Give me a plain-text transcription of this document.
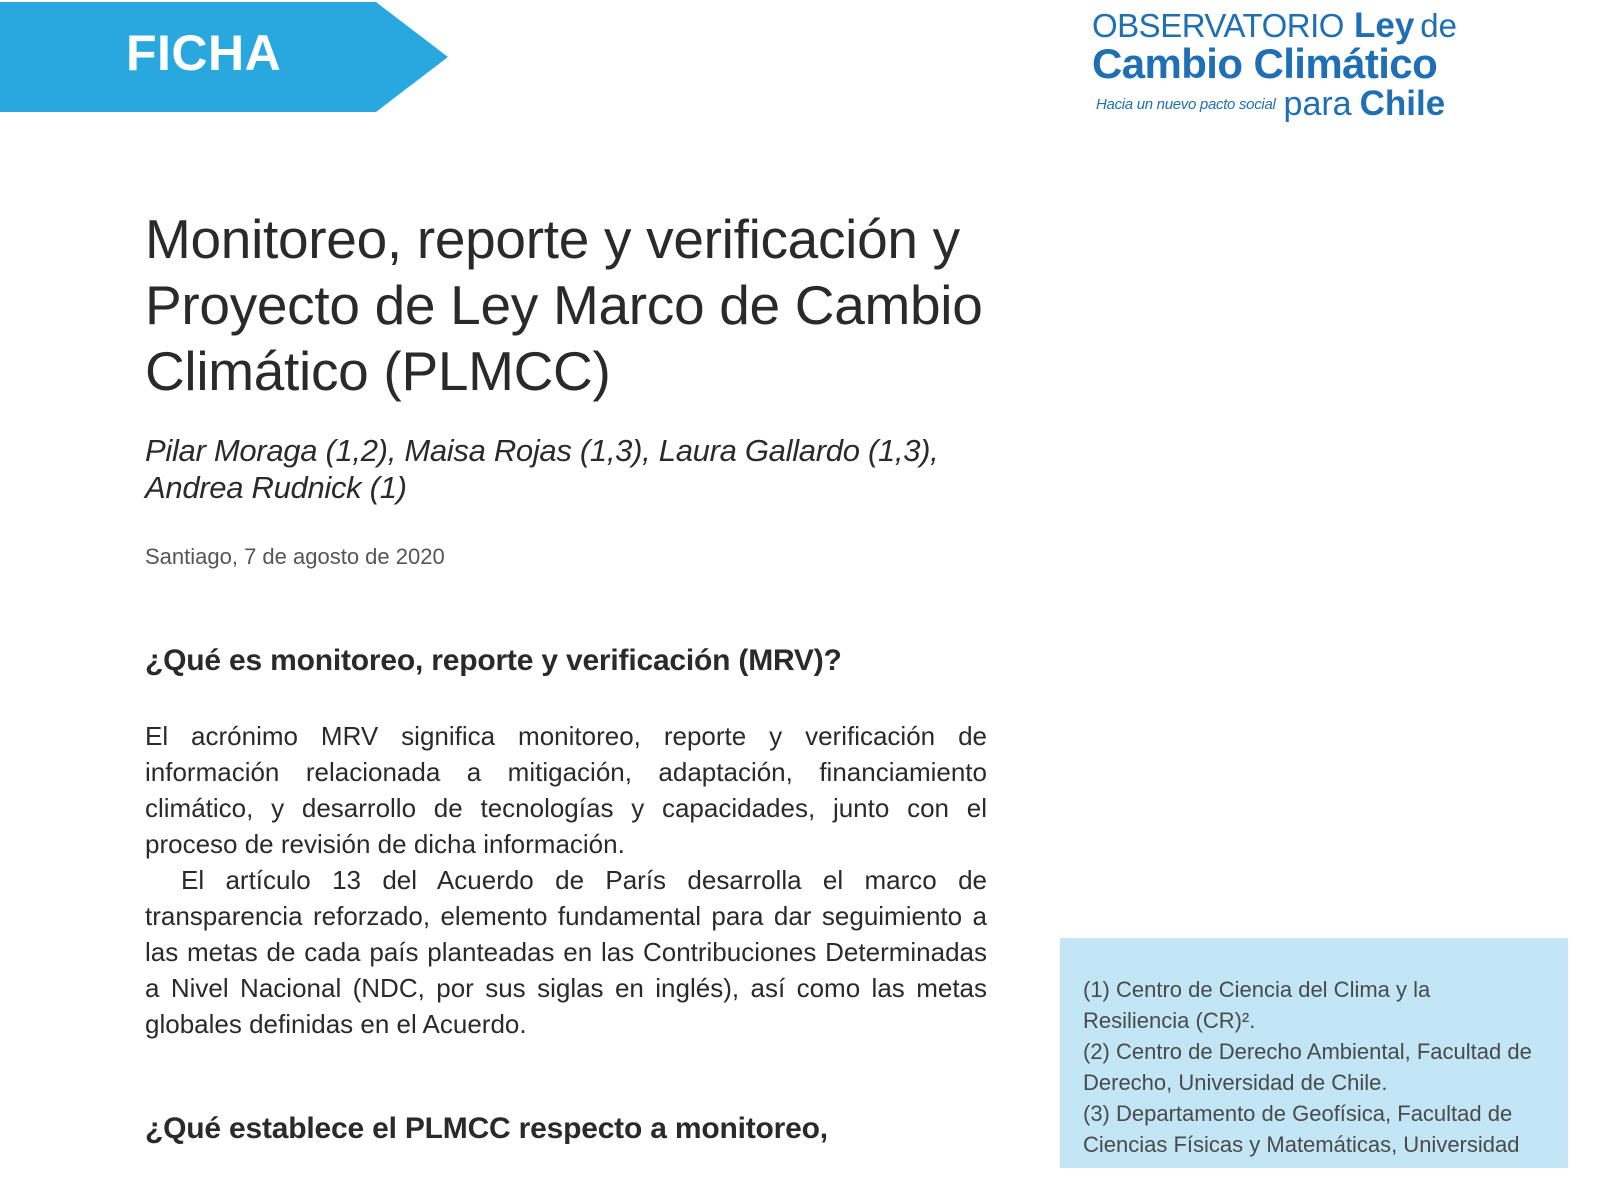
FICHA	OBSERVATORIO Ley de
Cambio Climático
Hacia un nuevo pacto social para Chile
Monitoreo, reporte y verificación y
Proyecto de Ley Marco de Cambio
Climático (PLMCC)

Pilar Moraga (1,2), Maisa Rojas (1,3), Laura Gallardo (1,3),
Andrea Rudnick (1)

Santiago, 7 de agosto de 2020

¿Qué es monitoreo, reporte y verificación (MRV)?

El acrónimo MRV significa monitoreo, reporte y verificación de información relacionada a mitigación, adaptación, financiamiento climático, y desarrollo de tecnologías y capacidades, junto con el proceso de revisión de dicha información.

El artículo 13 del Acuerdo de París desarrolla el marco de transparencia reforzado, elemento fundamental para dar seguimiento a las metas de cada país planteadas en las Contribuciones Determinadas a Nivel Nacional (NDC, por sus siglas en inglés), así como las metas globales definidas en el Acuerdo.

¿Qué establece el PLMCC respecto a monitoreo,

(1) Centro de Ciencia del Clima y la Resiliencia (CR)².

(2) Centro de Derecho Ambiental, Facultad de Derecho, Universidad de Chile.

(3) Departamento de Geofísica, Facultad de Ciencias Físicas y Matemáticas, Universidad
